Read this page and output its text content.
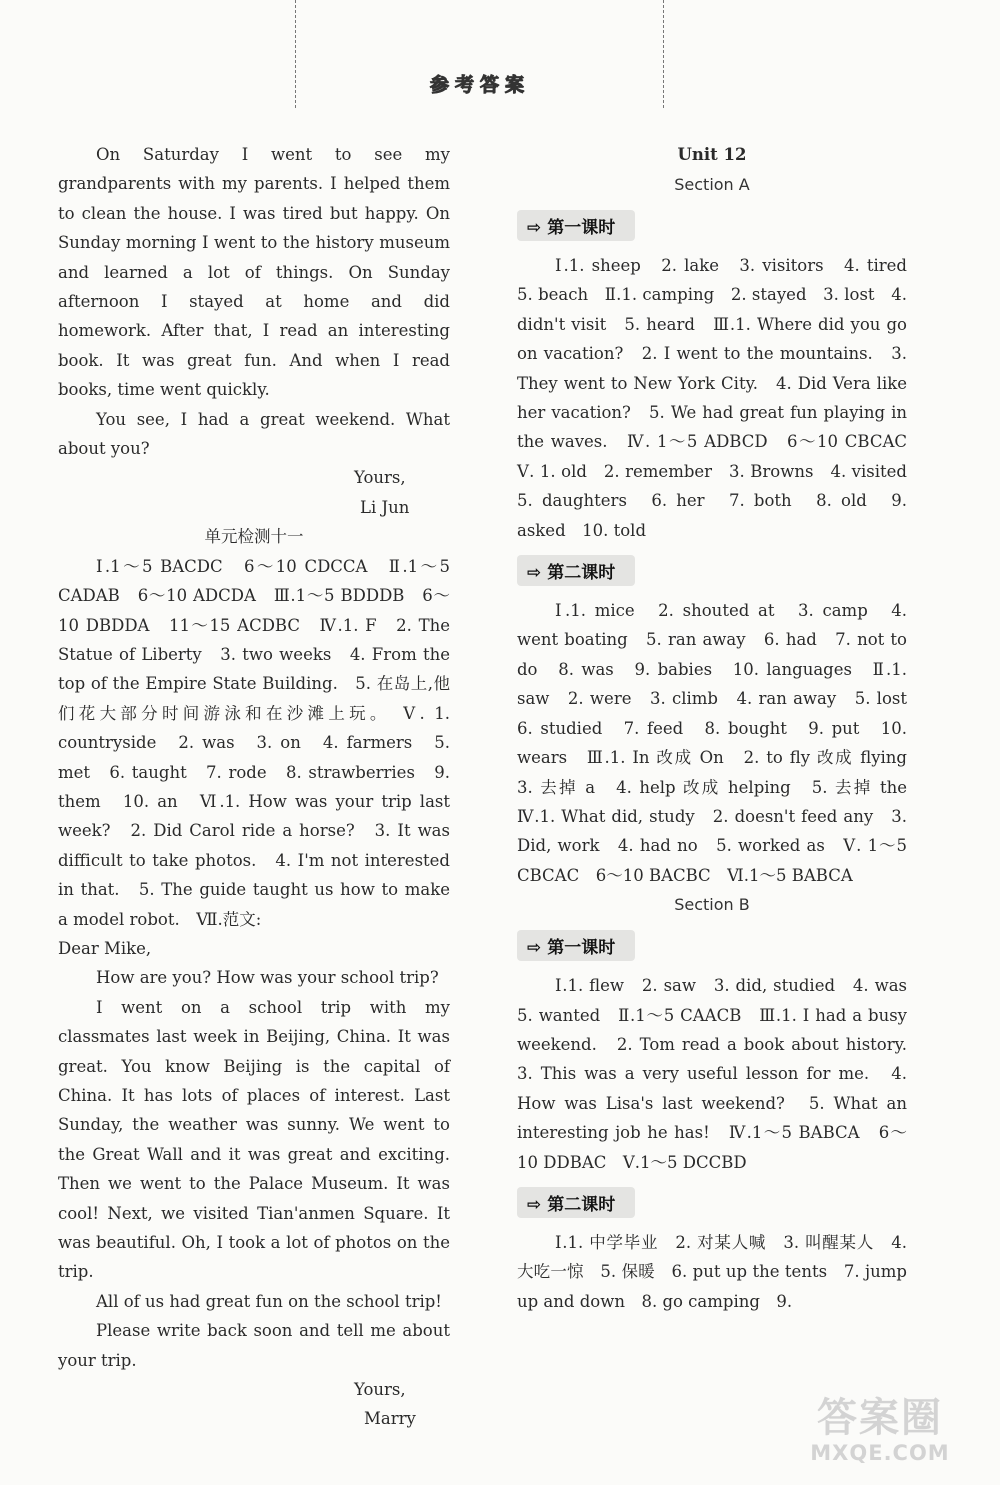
参考答案

On Saturday I went to see my grandparents with my parents. I helped them to clean the house. I was tired but happy. On Sunday morning I went to the history museum and learned a lot of things. On Sunday afternoon I stayed at home and did homework. After that, I read an interesting book. It was great fun. And when I read books, time went quickly.

You see, I had a great weekend. What about you?

Yours,

Li Jun

单元检测十一

Ⅰ.1～5 BACDC　6～10 CDCCA　Ⅱ.1～5 CADAB　6～10 ADCDA　Ⅲ.1～5 BDDDB　6～10 DBDDA　11～15 ACDBC　Ⅳ.1. F　2. The Statue of Liberty　3. two weeks　4. From the top of the Empire State Building.　5. 在岛上,他们花大部分时间游泳和在沙滩上玩。　Ⅴ. 1. countryside　2. was　3. on　4. farmers　5. met　6. taught　7. rode　8. strawberries　9. them　10. an　Ⅵ.1. How was your trip last week?　2. Did Carol ride a horse?　3. It was difficult to take photos.　4. I'm not interested in that.　5. The guide taught us how to make a model robot.　Ⅶ.范文:

Dear Mike,

How are you? How was your school trip?

I went on a school trip with my classmates last week in Beijing, China. It was great. You know Beijing is the capital of China. It has lots of places of interest. Last Sunday, the weather was sunny. We went to the Great Wall and it was great and exciting. Then we went to the Palace Museum. It was cool! Next, we visited Tian'anmen Square. It was beautiful. Oh, I took a lot of photos on the trip.

All of us had great fun on the school trip!

Please write back soon and tell me about your trip.

Yours,

Marry

Unit 12

Section A

⇨ 第一课时

Ⅰ.1. sheep　2. lake　3. visitors　4. tired　5. beach　Ⅱ.1. camping　2. stayed　3. lost　4. didn't visit　5. heard　Ⅲ.1. Where did you go on vacation?　2. I went to the mountains.　3. They went to New York City.　4. Did Vera like her vacation?　5. We had great fun playing in the waves.　Ⅳ. 1～5 ADBCD　6～10 CBCAC　Ⅴ. 1. old　2. remember　3. Browns　4. visited　5. daughters　6. her　7. both　8. old　9. asked　10. told

⇨ 第二课时

Ⅰ.1. mice　2. shouted at　3. camp　4. went boating　5. ran away　6. had　7. not to do　8. was　9. babies　10. languages　Ⅱ.1. saw　2. were　3. climb　4. ran away　5. lost　6. studied　7. feed　8. bought　9. put　10. wears　Ⅲ.1. In 改成 On　2. to fly 改成 flying　3. 去掉 a　4. help 改成 helping　5. 去掉 the　Ⅳ.1. What did, study　2. doesn't feed any　3. Did, work　4. had no　5. worked as　Ⅴ. 1～5 CBCAC　6～10 BACBC　Ⅵ.1～5 BABCA

Section B

⇨ 第一课时

Ⅰ.1. flew　2. saw　3. did, studied　4. was　5. wanted　Ⅱ.1～5 CAACB　Ⅲ.1. I had a busy weekend.　2. Tom read a book about history.　3. This was a very useful lesson for me.　4. How was Lisa's last weekend?　5. What an interesting job he has!　Ⅳ.1～5 BABCA　6～10 DDBAC　Ⅴ.1～5 DCCBD

⇨ 第二课时

Ⅰ.1. 中学毕业　2. 对某人喊　3. 叫醒某人　4. 大吃一惊　5. 保暖　6. put up the tents　7. jump up and down　8. go camping　9.

答案圈
MXQE.COM
